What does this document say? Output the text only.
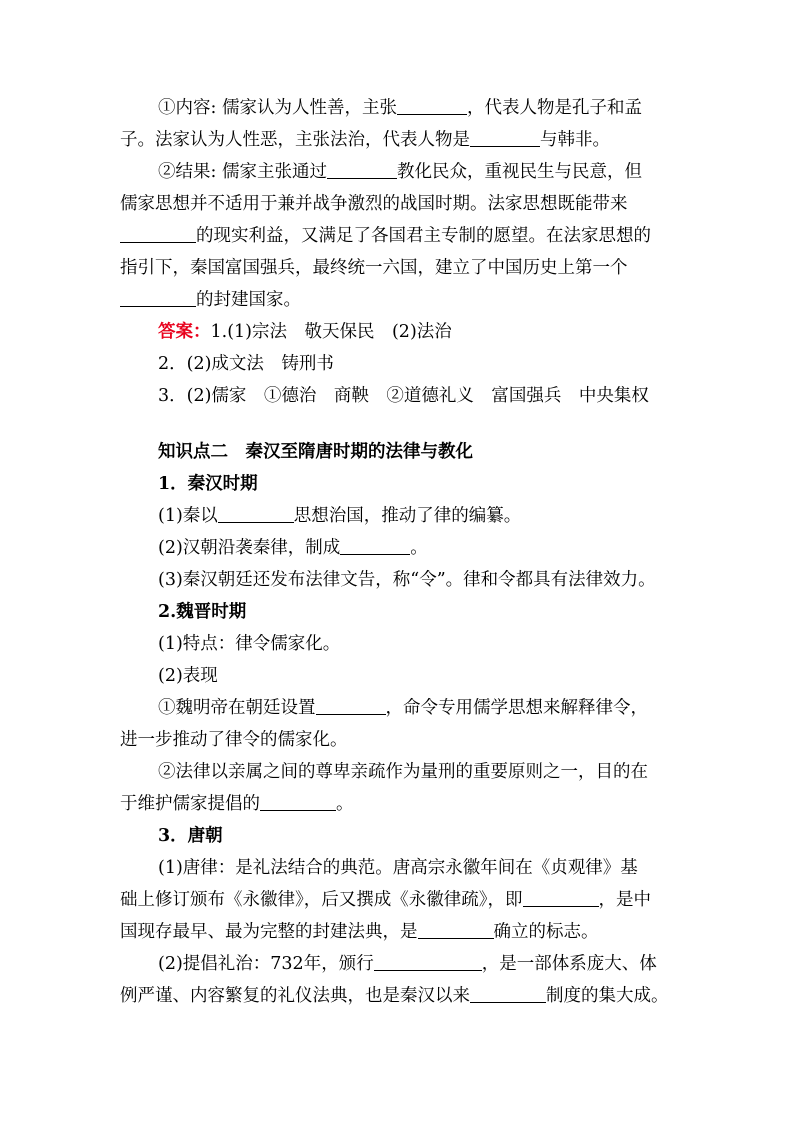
①内容: 儒家认为人性善，主张	，代表人物是孔子和孟
子。法家认为人性恶，主张法治，代表人物是	与韩非。
②结果: 儒家主张通过	教化民众，重视民生与民意，但
儒家思想并不适用于兼并战争激烈的战国时期。法家思想既能带来
的现实利益，又满足了各国君主专制的愿望。在法家思想的
指引下，秦国富国强兵，最终统一六国，建立了中国历史上第一个
的封建国家。
答案：1.(1)宗法　敬天保民　(2)法治
2．(2)成文法　铸刑书
3．(2)儒家　①德治　商鞅　②道德礼义　富国强兵　中央集权
知识点二　秦汉至隋唐时期的法律与教化
1．秦汉时期
(1)秦以	思想治国，推动了律的编纂。
(2)汉朝沿袭秦律，制成	。
(3)秦汉朝廷还发布法律文告，称“令”。律和令都具有法律效力。
2.魏晋时期
(1)特点：律令儒家化。
(2)表现
①魏明帝在朝廷设置	，命令专用儒学思想来解释律令，
进一步推动了律令的儒家化。
②法律以亲属之间的尊卑亲疏作为量刑的重要原则之一，目的在
于维护儒家提倡的	。
3．唐朝
(1)唐律：是礼法结合的典范。唐高宗永徽年间在《贞观律》基
础上修订颁布《永徽律》，后又撰成《永徽律疏》，即	，是中
国现存最早、最为完整的封建法典，是	确立的标志。
(2)提倡礼治：732年，颁行	，是一部体系庞大、体
例严谨、内容繁复的礼仪法典，也是秦汉以来	制度的集大成。
